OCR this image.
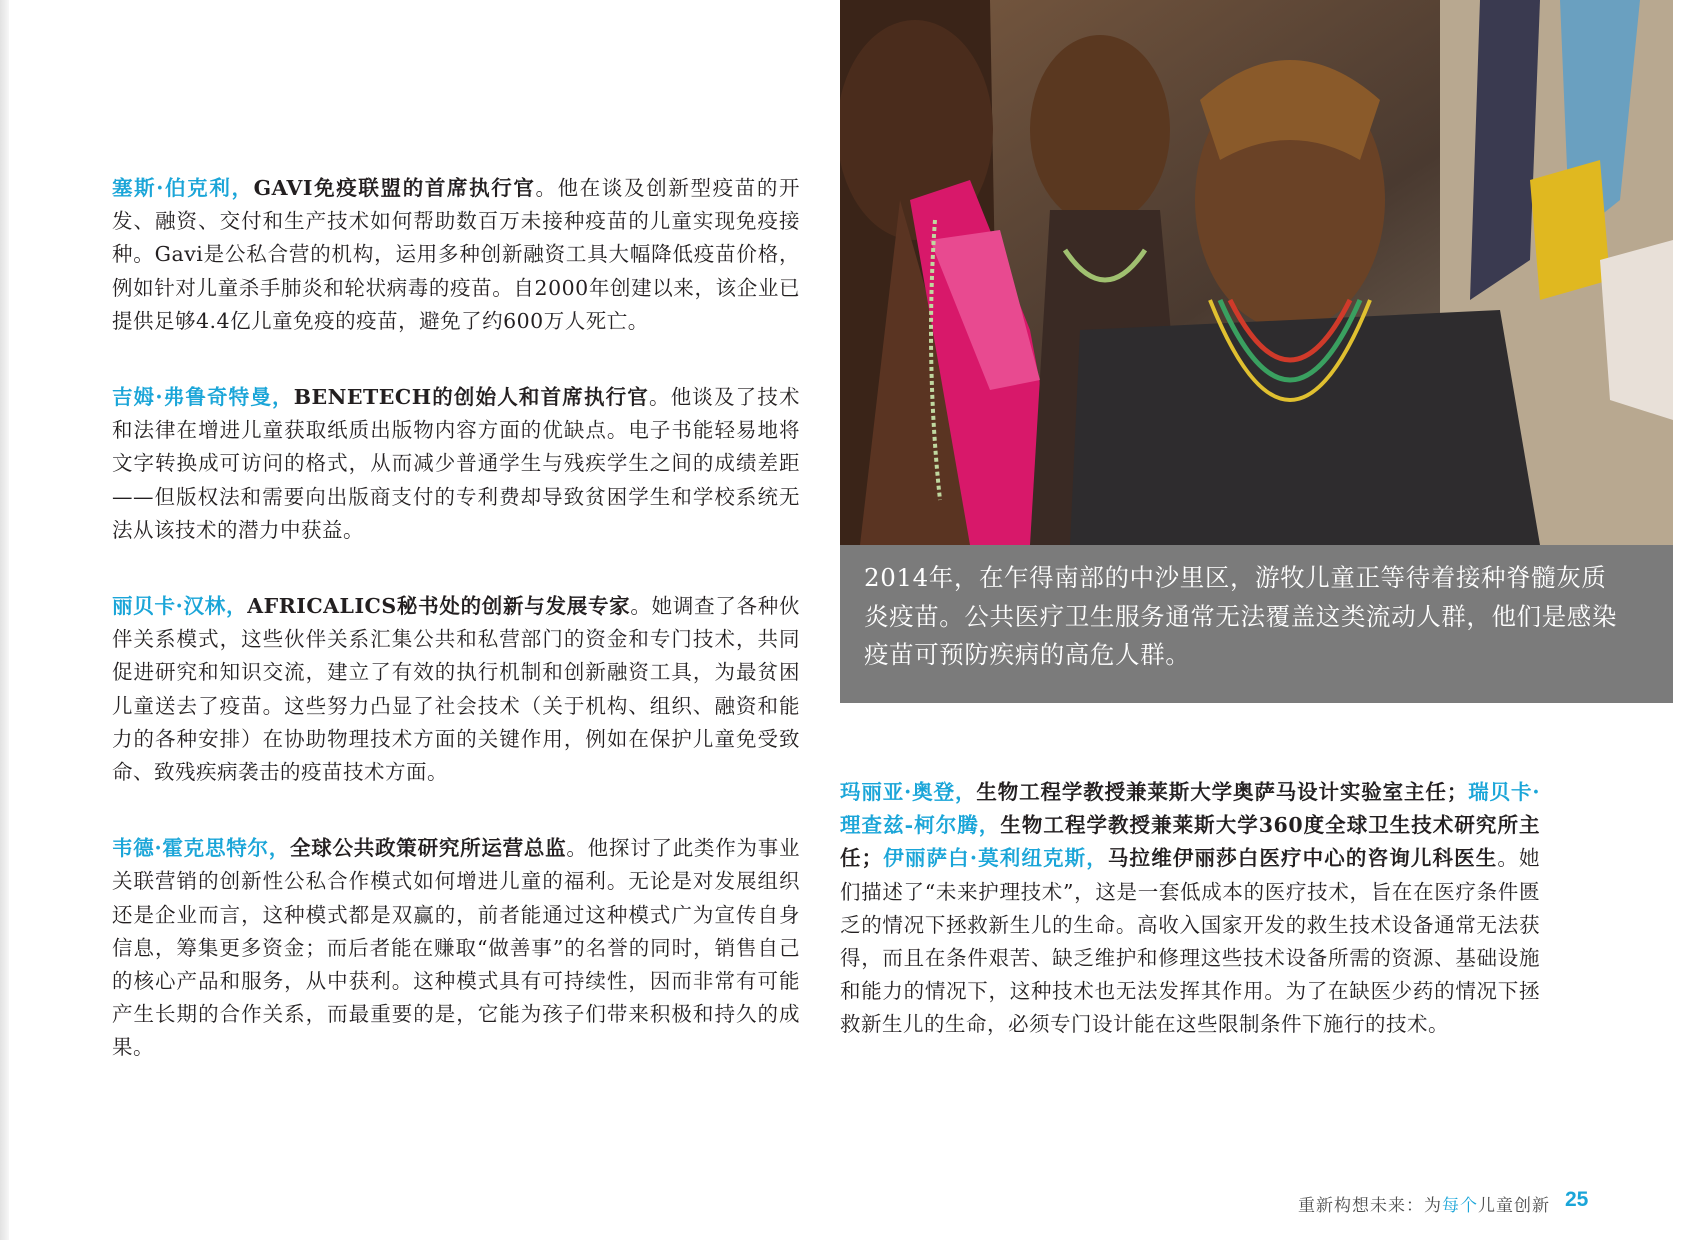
塞斯·伯克利，GAVI免疫联盟的首席执行官。他在谈及创新型疫苗的开发、融资、交付和生产技术如何帮助数百万未接种疫苗的儿童实现免疫接种。Gavi是公私合营的机构，运用多种创新融资工具大幅降低疫苗价格，例如针对儿童杀手肺炎和轮状病毒的疫苗。自2000年创建以来，该企业已提供足够4.4亿儿童免疫的疫苗，避免了约600万人死亡。

吉姆·弗鲁奇特曼，BENETECH的创始人和首席执行官。他谈及了技术和法律在增进儿童获取纸质出版物内容方面的优缺点。电子书能轻易地将文字转换成可访问的格式，从而减少普通学生与残疾学生之间的成绩差距——但版权法和需要向出版商支付的专利费却导致贫困学生和学校系统无法从该技术的潜力中获益。

丽贝卡·汉林，AFRICALICS秘书处的创新与发展专家。她调查了各种伙伴关系模式，这些伙伴关系汇集公共和私营部门的资金和专门技术，共同促进研究和知识交流，建立了有效的执行机制和创新融资工具，为最贫困儿童送去了疫苗。这些努力凸显了社会技术（关于机构、组织、融资和能力的各种安排）在协助物理技术方面的关键作用，例如在保护儿童免受致命、致残疾病袭击的疫苗技术方面。

韦德·霍克思特尔，全球公共政策研究所运营总监。他探讨了此类作为事业关联营销的创新性公私合作模式如何增进儿童的福利。无论是对发展组织还是企业而言，这种模式都是双赢的，前者能通过这种模式广为宣传自身信息，筹集更多资金；而后者能在赚取“做善事”的名誉的同时，销售自己的核心产品和服务，从中获利。这种模式具有可持续性，因而非常有可能产生长期的合作关系，而最重要的是，它能为孩子们带来积极和持久的成果。

2014年，在乍得南部的中沙里区，游牧儿童正等待着接种脊髓灰质炎疫苗。公共医疗卫生服务通常无法覆盖这类流动人群，他们是感染疫苗可预防疾病的高危人群。

玛丽亚·奥登，生物工程学教授兼莱斯大学奥萨马设计实验室主任；瑞贝卡·理查兹-柯尔腾，生物工程学教授兼莱斯大学360度全球卫生技术研究所主任；伊丽萨白·莫利纽克斯，马拉维伊丽莎白医疗中心的咨询儿科医生。她们描述了“未来护理技术”，这是一套低成本的医疗技术，旨在在医疗条件匮乏的情况下拯救新生儿的生命。高收入国家开发的救生技术设备通常无法获得，而且在条件艰苦、缺乏维护和修理这些技术设备所需的资源、基础设施和能力的情况下，这种技术也无法发挥其作用。为了在缺医少药的情况下拯救新生儿的生命，必须专门设计能在这些限制条件下施行的技术。

重新构想未来：为每个儿童创新 25
